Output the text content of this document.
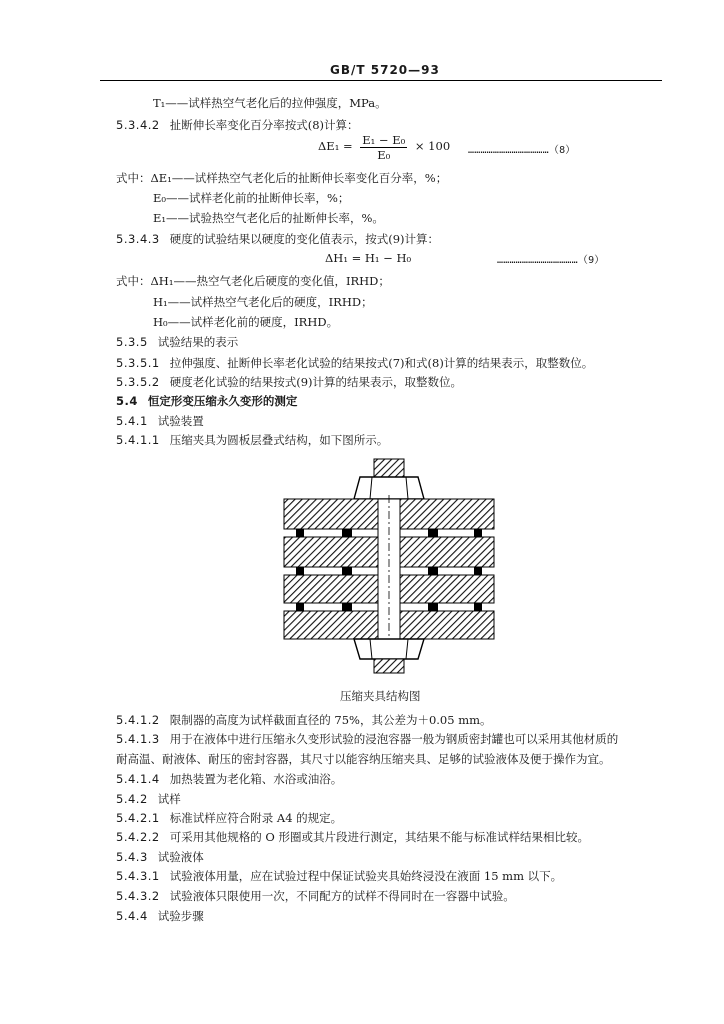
GB/T 5720—93
T₁——试样热空气老化后的拉伸强度，MPa。
5.3.4.2 扯断伸长率变化百分率按式(8)计算：
$\Delta E_1 = \frac{\text{E₁ − E₀}}{\text{E₀}} \times 100$ …………………………………（8）
式中：ΔE₁——试样热空气老化后的扯断伸长率变化百分率，%；
E₀——试样老化前的扯断伸长率，%；
E₁——试验热空气老化后的扯断伸长率，%。
5.3.4.3 硬度的试验结果以硬度的变化值表示，按式(9)计算：
ΔH₁ = H₁ − H₀	…………………………………（9）
式中：ΔH₁——热空气老化后硬度的变化值，IRHD；
H₁——试样热空气老化后的硬度，IRHD；
H₀——试样老化前的硬度，IRHD。
5.3.5 试验结果的表示
5.3.5.1 拉伸强度、扯断伸长率老化试验的结果按式(7)和式(8)计算的结果表示，取整数位。
5.3.5.2 硬度老化试验的结果按式(9)计算的结果表示，取整数位。
5.4 恒定形变压缩永久变形的测定
5.4.1 试验装置
5.4.1.1 压缩夹具为圆板层叠式结构，如下图所示。
压缩夹具结构图
5.4.1.2 限制器的高度为试样截面直径的 75%，其公差为＋0.05 mm。
5.4.1.3 用于在液体中进行压缩永久变形试验的浸泡容器一般为钢质密封罐也可以采用其他材质的
耐高温、耐液体、耐压的密封容器，其尺寸以能容纳压缩夹具、足够的试验液体及便于操作为宜。
5.4.1.4 加热装置为老化箱、水浴或油浴。
5.4.2 试样
5.4.2.1 标准试样应符合附录 A4 的规定。
5.4.2.2 可采用其他规格的 O 形圈或其片段进行测定，其结果不能与标准试样结果相比较。
5.4.3 试验液体
5.4.3.1 试验液体用量，应在试验过程中保证试验夹具始终浸没在液面 15 mm 以下。
5.4.3.2 试验液体只限使用一次，不同配方的试样不得同时在一容器中试验。
5.4.4 试验步骤
